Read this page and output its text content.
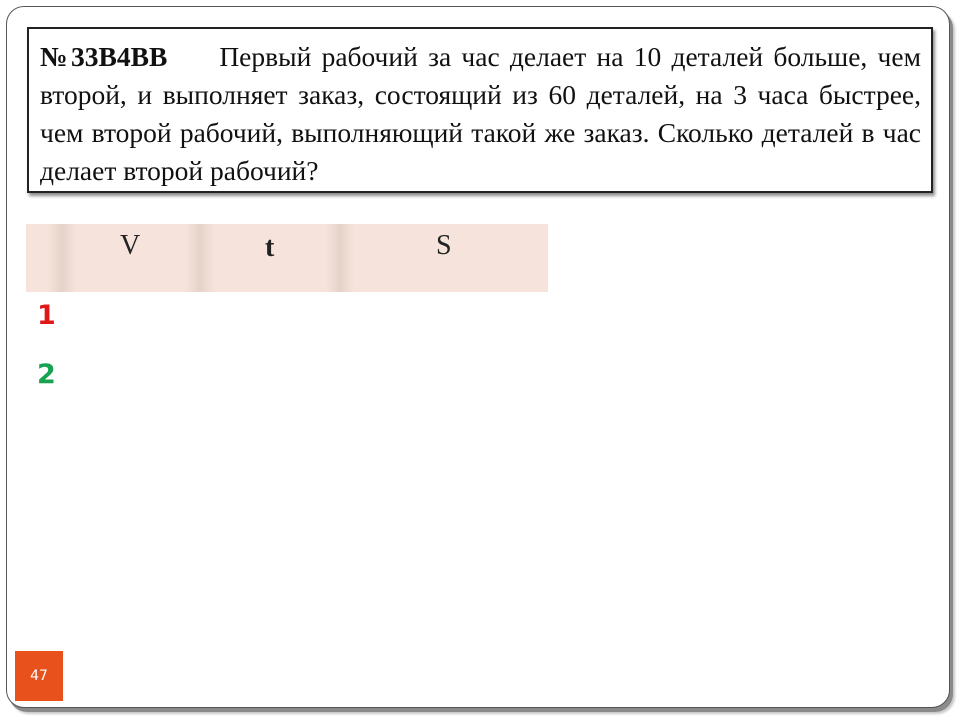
№33В4ВВ Первый рабочий за час делает на 10 деталей больше, чем второй, и выполняет заказ, состоящий из 60 деталей, на 3 часа быстрее, чем второй рабочий, выполняющий такой же заказ. Сколько деталей в час делает второй рабочий?
V	t	S
1
2
47
